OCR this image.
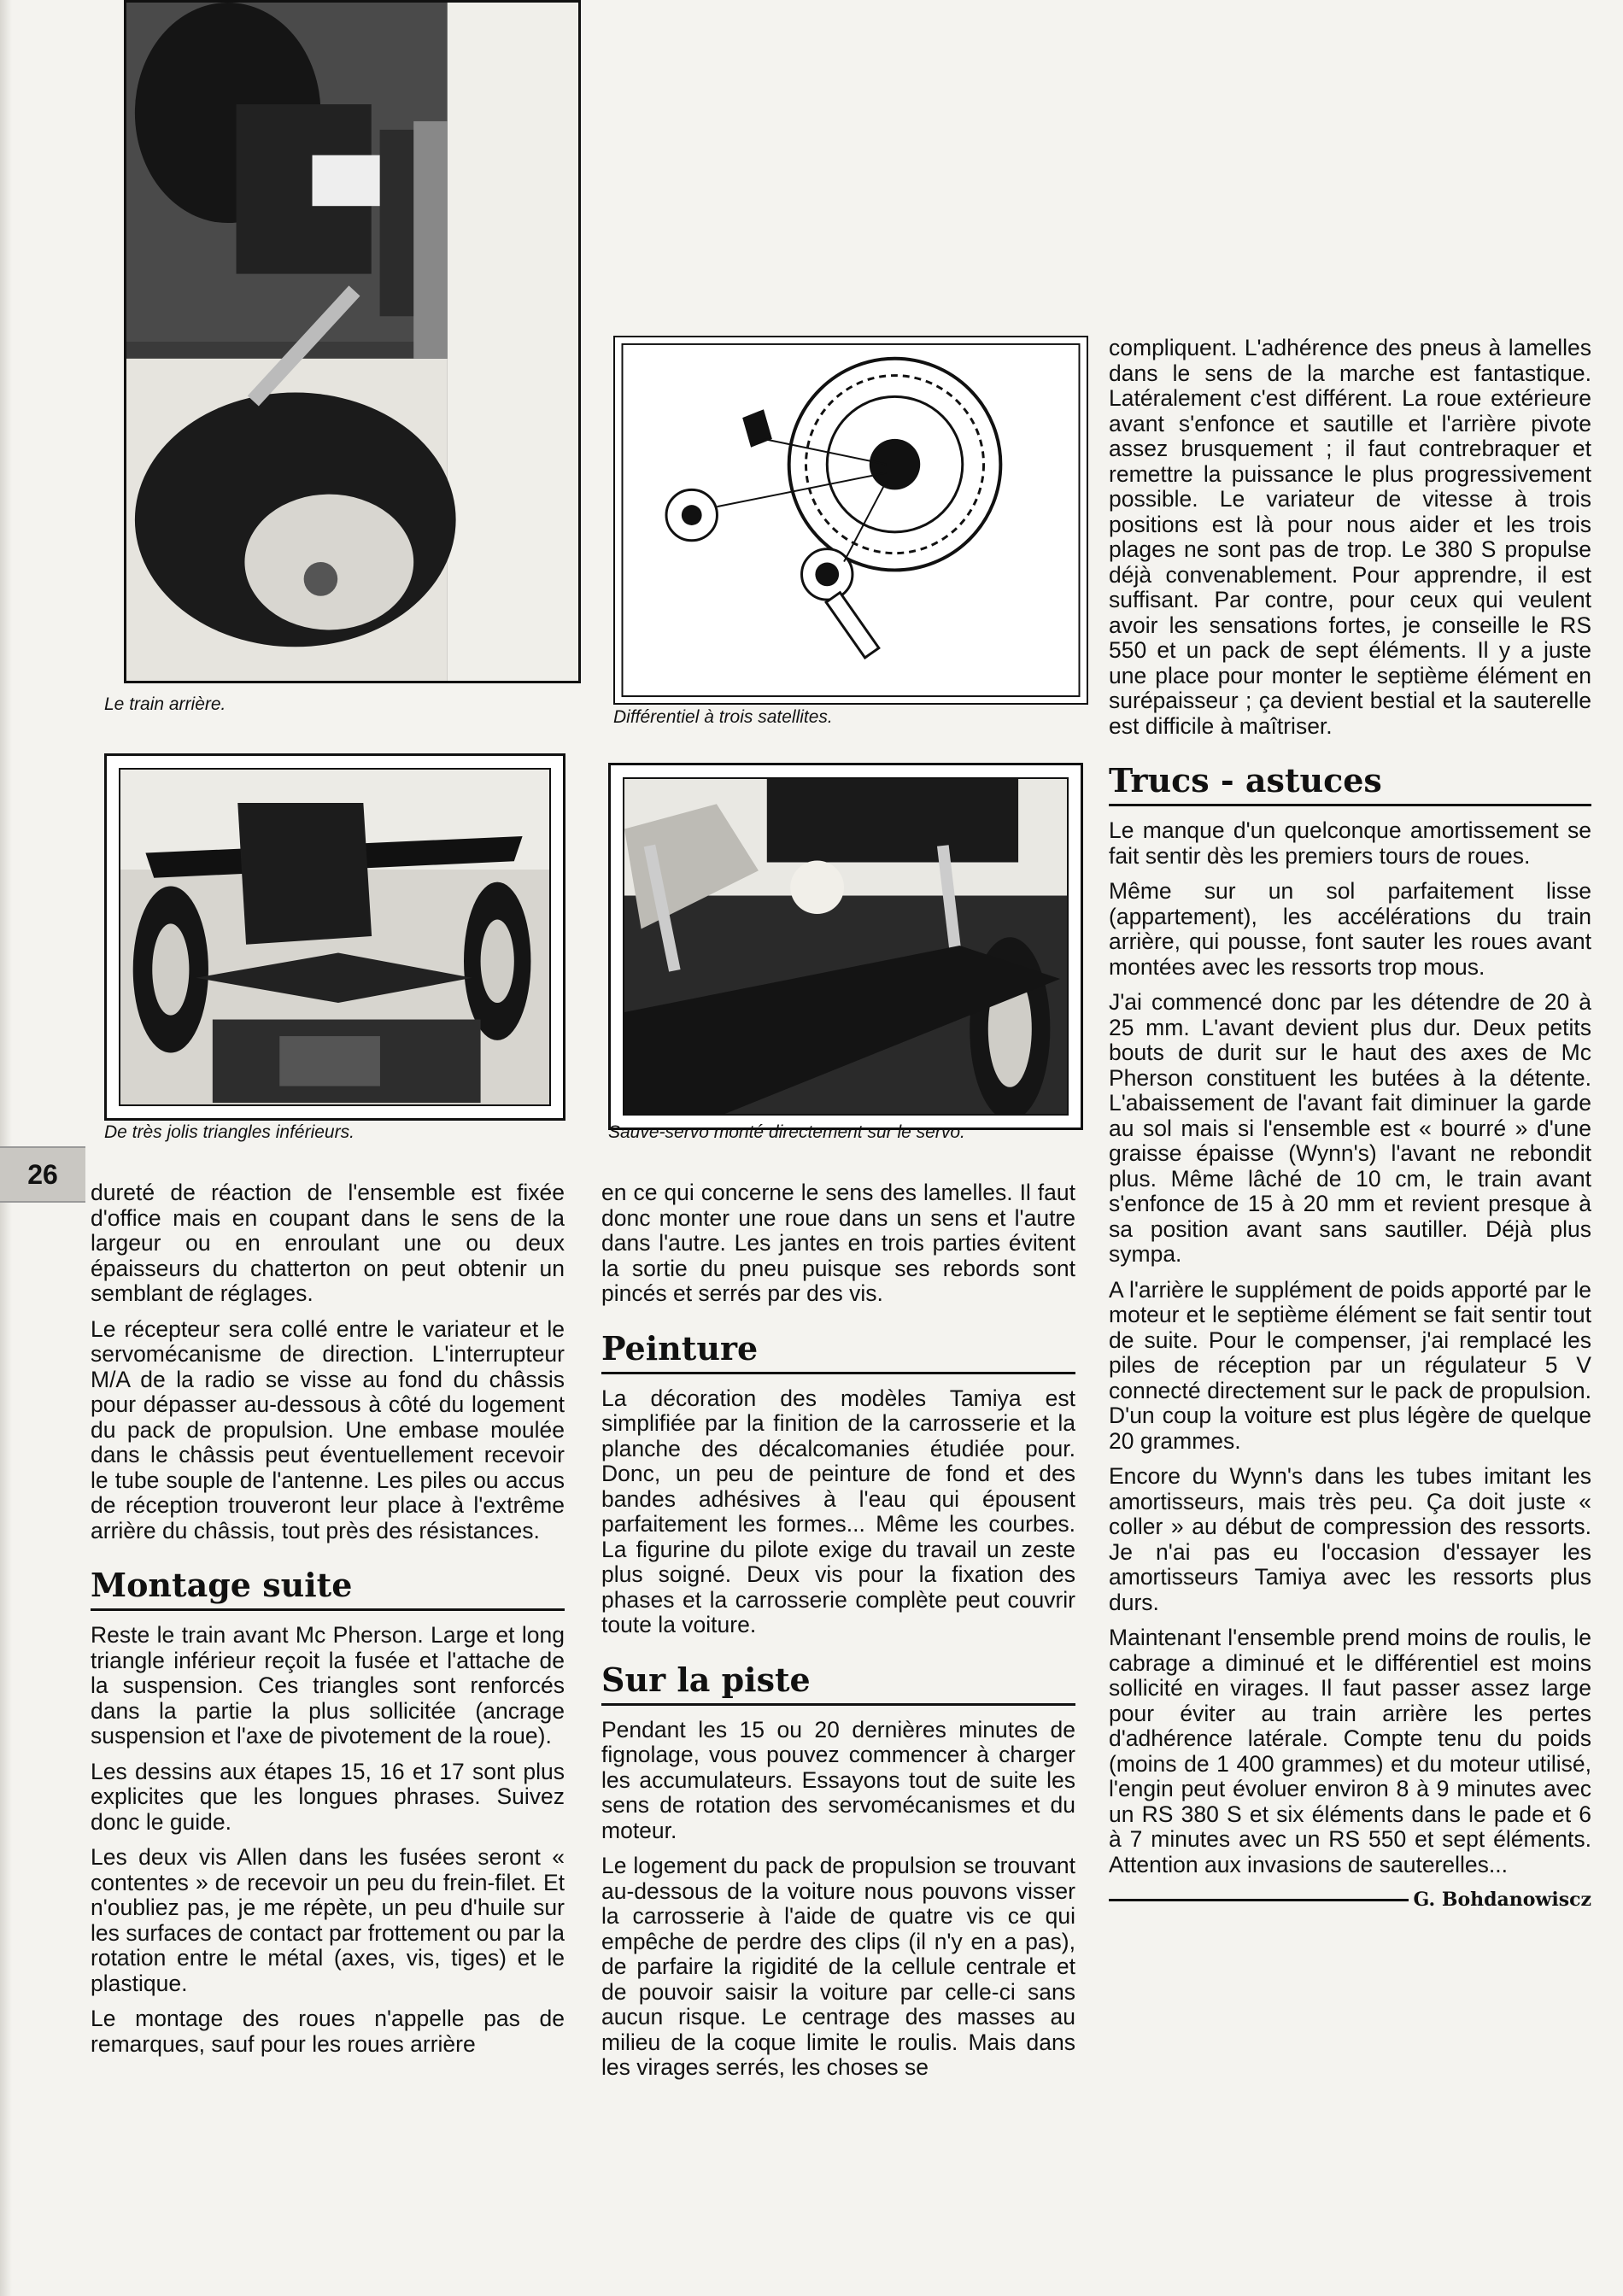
Le train arrière.
Différentiel à trois satellites.
De très jolis triangles inférieurs.	Sauve-servo monté directement sur le servo.
26

dureté de réaction de l'ensemble est fixée d'office mais en coupant dans le sens de la largeur ou en enroulant une ou deux épaisseurs du chatterton on peut obtenir un semblant de réglages.

Le récepteur sera collé entre le variateur et le servomécanisme de direction. L'interrupteur M/A de la radio se visse au fond du châssis pour dépasser au-dessous à côté du logement du pack de propulsion. Une embase moulée dans le châssis peut éventuellement recevoir le tube souple de l'antenne. Les piles ou accus de réception trouveront leur place à l'extrême arrière du châssis, tout près des résistances.

Montage suite

Reste le train avant Mc Pherson. Large et long triangle inférieur reçoit la fusée et l'attache de la suspension. Ces triangles sont renforcés dans la partie la plus sollicitée (ancrage suspension et l'axe de pivotement de la roue).

Les dessins aux étapes 15, 16 et 17 sont plus explicites que les longues phrases. Suivez donc le guide.

Les deux vis Allen dans les fusées seront « contentes » de recevoir un peu du frein-filet. Et n'oubliez pas, je me répète, un peu d'huile sur les surfaces de contact par frottement ou par la rotation entre le métal (axes, vis, tiges) et le plastique.

Le montage des roues n'appelle pas de remarques, sauf pour les roues arrière

en ce qui concerne le sens des lamelles. Il faut donc monter une roue dans un sens et l'autre dans l'autre. Les jantes en trois parties évitent la sortie du pneu puisque ses rebords sont pincés et serrés par des vis.

Peinture

La décoration des modèles Tamiya est simplifiée par la finition de la carrosserie et la planche des décalcomanies étudiée pour. Donc, un peu de peinture de fond et des bandes adhésives à l'eau qui épousent parfaitement les formes... Même les courbes. La figurine du pilote exige du travail un zeste plus soigné. Deux vis pour la fixation des phases et la carrosserie complète peut couvrir toute la voiture.

Sur la piste

Pendant les 15 ou 20 dernières minutes de fignolage, vous pouvez commencer à charger les accumulateurs. Essayons tout de suite les sens de rotation des servomécanismes et du moteur.

Le logement du pack de propulsion se trouvant au-dessous de la voiture nous pouvons visser la carrosserie à l'aide de quatre vis ce qui empêche de perdre des clips (il n'y en a pas), de parfaire la rigidité de la cellule centrale et de pouvoir saisir la voiture par celle-ci sans aucun risque. Le centrage des masses au milieu de la coque limite le roulis. Mais dans les virages serrés, les choses se

compliquent. L'adhérence des pneus à lamelles dans le sens de la marche est fantastique. Latéralement c'est différent. La roue extérieure avant s'enfonce et sautille et l'arrière pivote assez brusquement ; il faut contrebraquer et remettre la puissance le plus progressivement possible. Le variateur de vitesse à trois positions est là pour nous aider et les trois plages ne sont pas de trop. Le 380 S propulse déjà convenablement. Pour apprendre, il est suffisant. Par contre, pour ceux qui veulent avoir les sensations fortes, je conseille le RS 550 et un pack de sept éléments. Il y a juste une place pour monter le septième élément en surépaisseur ; ça devient bestial et la sauterelle est difficile à maîtriser.

Trucs - astuces

Le manque d'un quelconque amortissement se fait sentir dès les premiers tours de roues.

Même sur un sol parfaitement lisse (appartement), les accélérations du train arrière, qui pousse, font sauter les roues avant montées avec les ressorts trop mous.

J'ai commencé donc par les détendre de 20 à 25 mm. L'avant devient plus dur. Deux petits bouts de durit sur le haut des axes de Mc Pherson constituent les butées à la détente. L'abaissement de l'avant fait diminuer la garde au sol mais si l'ensemble est « bourré » d'une graisse épaisse (Wynn's) l'avant ne rebondit plus. Même lâché de 10 cm, le train avant s'enfonce de 15 à 20 mm et revient presque à sa position avant sans sautiller. Déjà plus sympa.

A l'arrière le supplément de poids apporté par le moteur et le septième élément se fait sentir tout de suite. Pour le compenser, j'ai remplacé les piles de réception par un régulateur 5 V connecté directement sur le pack de propulsion. D'un coup la voiture est plus légère de quelque 20 grammes.

Encore du Wynn's dans les tubes imitant les amortisseurs, mais très peu. Ça doit juste « coller » au début de compression des ressorts. Je n'ai pas eu l'occasion d'essayer les amortisseurs Tamiya avec les ressorts plus durs.

Maintenant l'ensemble prend moins de roulis, le cabrage a diminué et le différentiel est moins sollicité en virages. Il faut passer assez large pour éviter au train arrière les pertes d'adhérence latérale. Compte tenu du poids (moins de 1 400 grammes) et du moteur utilisé, l'engin peut évoluer environ 8 à 9 minutes avec un RS 380 S et six éléments dans le pade et 6 à 7 minutes avec un RS 550 et sept éléments. Attention aux invasions de sauterelles...

G. Bohdanowiscz
